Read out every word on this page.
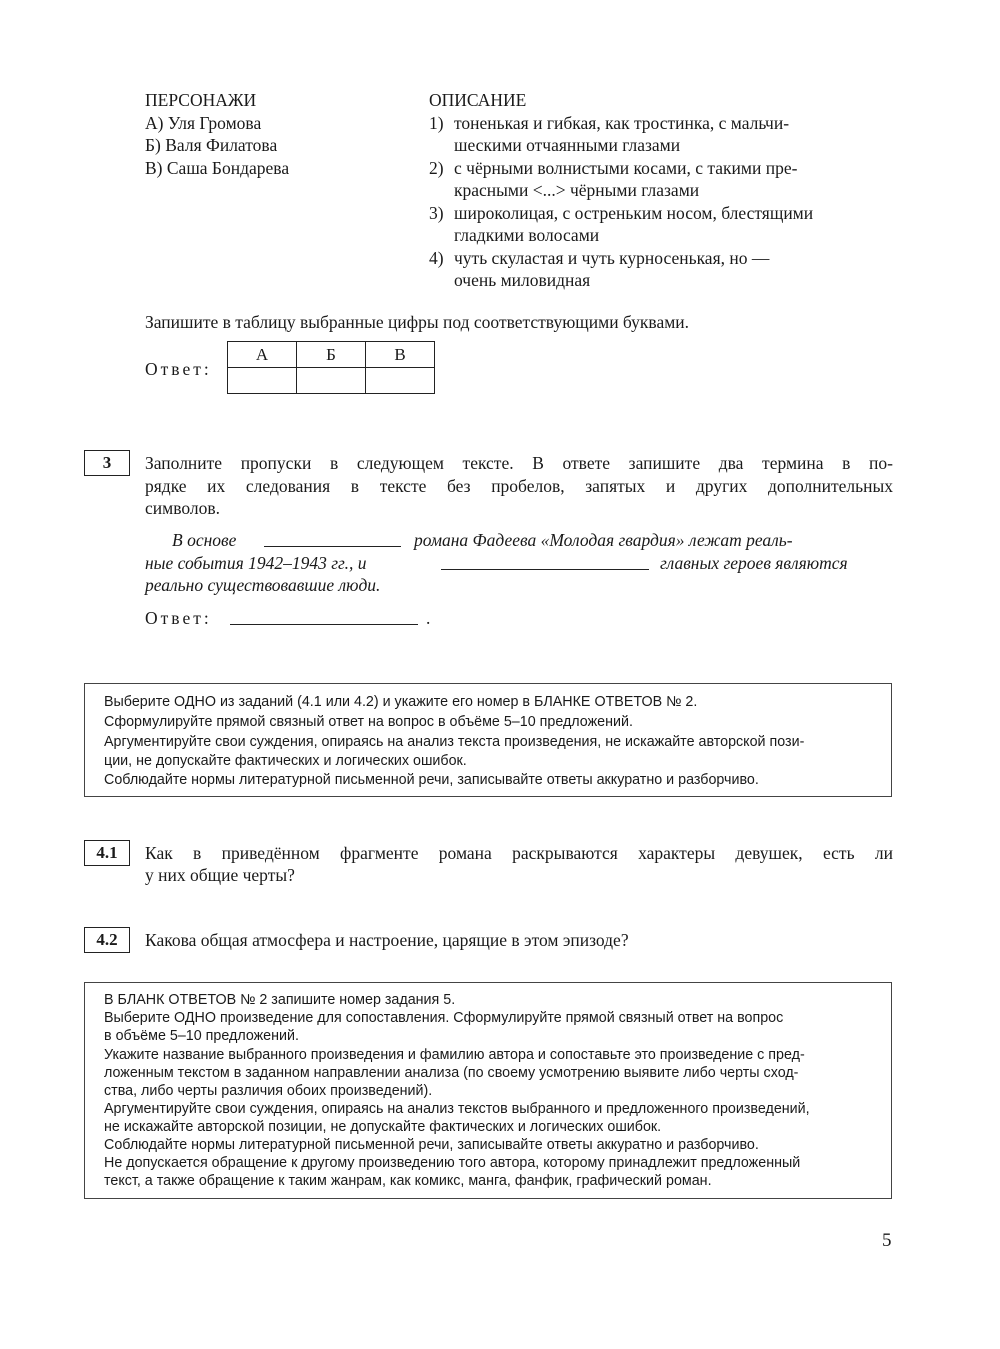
ПЕРСОНАЖИ	ОПИСАНИЕ
А) Уля Громова
Б) Валя Филатова
В) Саша Бондарева
1) тоненькая и гибкая, как тростинка, с мальчи-
шескими отчаянными глазами
2) с чёрными волнистыми косами, с такими пре-
красными <...> чёрными глазами
3) широколицая, с остреньким носом, блестящими
гладкими волосами
4) чуть скуластая и чуть курносенькая, но —
очень миловидная
Запишите в таблицу выбранные цифры под соответствующими буквами.
Ответ:
А	Б	В

3	Заполните пропуски в следующем тексте. В ответе запишите два термина в по-
рядке их следования в тексте без пробелов, запятых и других дополнительных
символов.
В основе	романа Фадеева «Молодая гвардия» лежат реаль-
ные события 1942–1943 гг., и	главных героев являются
реально существовавшие люди.
Ответ:	.
Выберите ОДНО из заданий (4.1 или 4.2) и укажите его номер в БЛАНКЕ ОТВЕТОВ № 2.
Сформулируйте прямой связный ответ на вопрос в объёме 5–10 предложений.
Аргументируйте свои суждения, опираясь на анализ текста произведения, не искажайте авторской пози-
ции, не допускайте фактических и логических ошибок.
Соблюдайте нормы литературной письменной речи, записывайте ответы аккуратно и разборчиво.
4.1	Как в приведённом фрагменте романа раскрываются характеры девушек, есть ли
у них общие черты?
4.2	Какова общая атмосфера и настроение, царящие в этом эпизоде?
В БЛАНК ОТВЕТОВ № 2 запишите номер задания 5.
Выберите ОДНО произведение для сопоставления. Сформулируйте прямой связный ответ на вопрос
в объёме 5–10 предложений.
Укажите название выбранного произведения и фамилию автора и сопоставьте это произведение с пред-
ложенным текстом в заданном направлении анализа (по своему усмотрению выявите либо черты сход-
ства, либо черты различия обоих произведений).
Аргументируйте свои суждения, опираясь на анализ текстов выбранного и предложенного произведений,
не искажайте авторской позиции, не допускайте фактических и логических ошибок.
Соблюдайте нормы литературной письменной речи, записывайте ответы аккуратно и разборчиво.
Не допускается обращение к другому произведению того автора, которому принадлежит предложенный
текст, а также обращение к таким жанрам, как комикс, манга, фанфик, графический роман.
5
